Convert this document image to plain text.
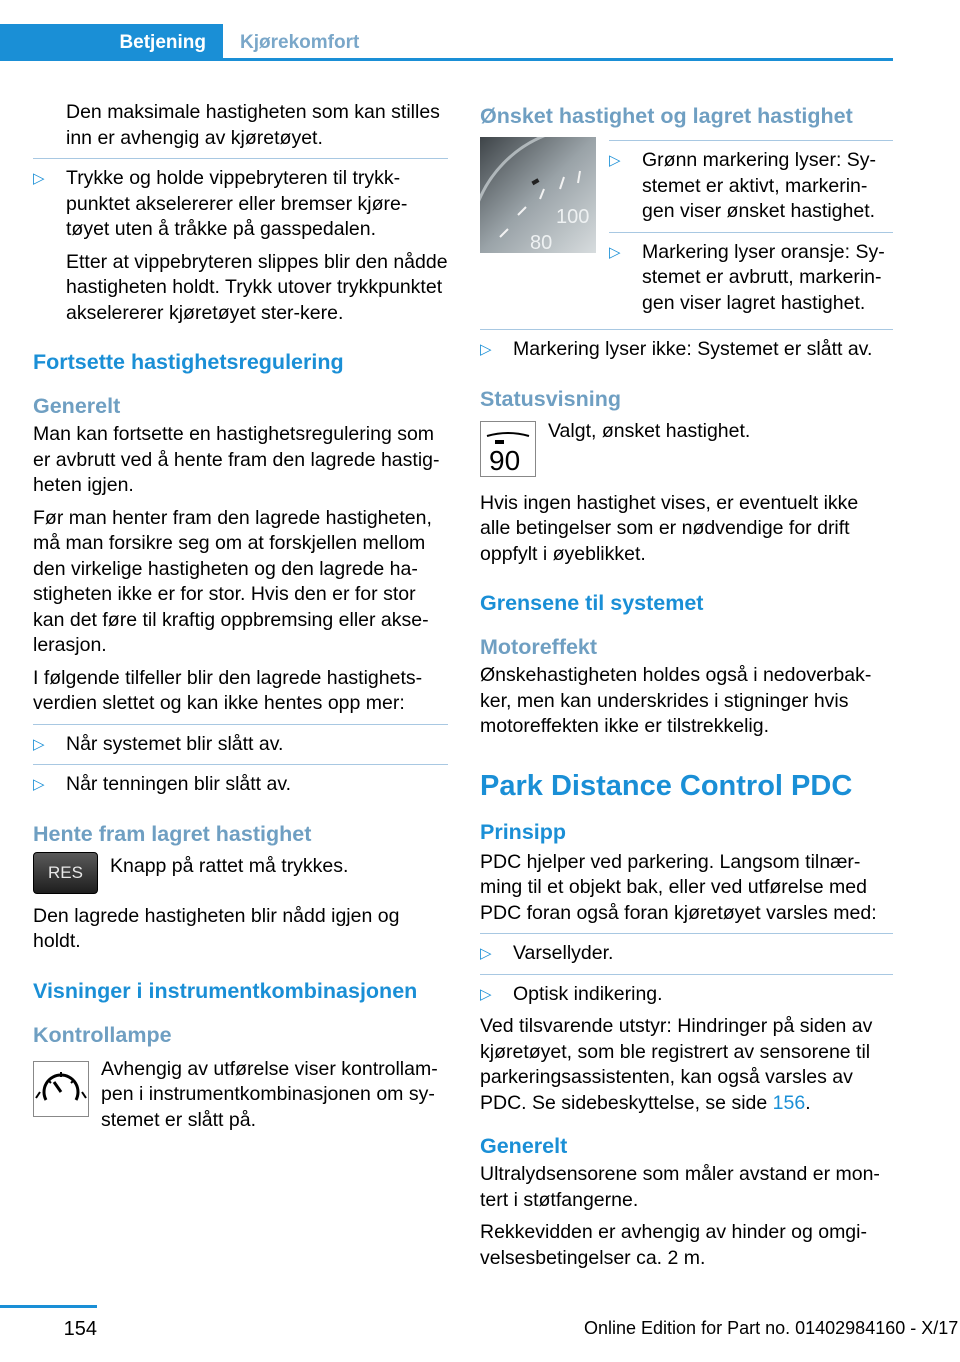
Betjening	Kjørekomfort

Den maksimale hastigheten som kan stilles inn er avhengig av kjøretøyet.

▷ Trykke og holde vippebryteren til trykk-punktet akselererer eller bremser kjøre-tøyet uten å tråkke på gasspedalen.

Etter at vippebryteren slippes blir den nådde hastigheten holdt. Trykk utover trykkpunktet akselererer kjøretøyet ster-kere.

Fortsette hastighetsregulering
Generelt

Man kan fortsette en hastighetsregulering som er avbrutt ved å hente fram den lagrede hastig-heten igjen.

Før man henter fram den lagrede hastigheten, må man forsikre seg om at forskjellen mellom den virkelige hastigheten og den lagrede ha-stigheten ikke er for stor. Hvis den er for stor kan det føre til kraftig oppbremsing eller akse-lerasjon.

I følgende tilfeller blir den lagrede hastighets-verdien slettet og kan ikke hentes opp mer:

▷ Når systemet blir slått av.
▷ Når tenningen blir slått av.
Hente fram lagret hastighet
RES Knapp på rattet må trykkes.

Den lagrede hastigheten blir nådd igjen og holdt.

Visninger i instrumentkombinasjonen
Kontrollampe
Avhengig av utførelse viser kontrollam-pen i instrumentkombinasjonen om sy-stemet er slått på.
Ønsket hastighet og lagret hastighet
100
80
▷ Grønn markering lyser: Sy-stemet er aktivt, markerin-gen viser ønsket hastighet.
▷ Markering lyser oransje: Sy-stemet er avbrutt, markerin-gen viser lagret hastighet.
▷ Markering lyser ikke: Systemet er slått av.
Statusvisning
90
Valgt, ønsket hastighet.

Hvis ingen hastighet vises, er eventuelt ikke alle betingelser som er nødvendige for drift oppfylt i øyeblikket.

Grensene til systemet
Motoreffekt

Ønskehastigheten holdes også i nedoverbak-ker, men kan underskrides i stigninger hvis motoreffekten ikke er tilstrekkelig.

Park Distance Control PDC
Prinsipp

PDC hjelper ved parkering. Langsom tilnær-ming til et objekt bak, eller ved utførelse med PDC foran også foran kjøretøyet varsles med:

▷ Varsellyder.
▷ Optisk indikering.

Ved tilsvarende utstyr: Hindringer på siden av kjøretøyet, som ble registrert av sensorene til parkeringsassistenten, kan også varsles av PDC. Se sidebeskyttelse, se side 156.

Generelt

Ultralydsensorene som måler avstand er mon-tert i støtfangerne.

Rekkevidden er avhengig av hinder og omgi-velsesbetingelser ca. 2 m.

154	Online Edition for Part no. 01402984160 - X/17
